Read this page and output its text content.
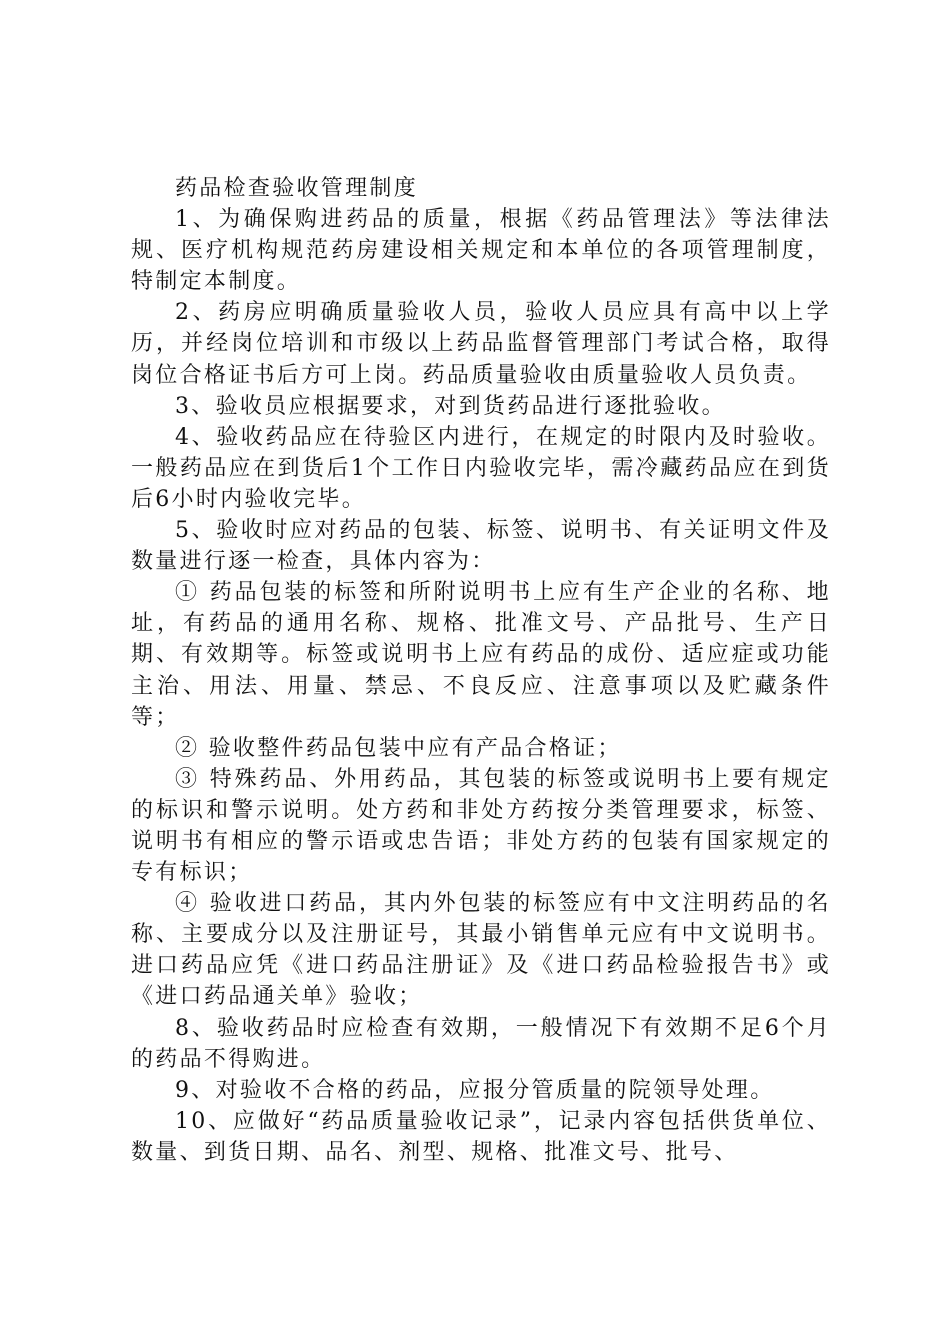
药品检查验收管理制度

1、为确保购进药品的质量，根据《药品管理法》等法律法规、医疗机构规范药房建设相关规定和本单位的各项管理制度，特制定本制度。

2、药房应明确质量验收人员，验收人员应具有高中以上学历，并经岗位培训和市级以上药品监督管理部门考试合格，取得岗位合格证书后方可上岗。药品质量验收由质量验收人员负责。

3、验收员应根据要求，对到货药品进行逐批验收。

4、验收药品应在待验区内进行，在规定的时限内及时验收。一般药品应在到货后1个工作日内验收完毕，需冷藏药品应在到货后6小时内验收完毕。

5、验收时应对药品的包装、标签、说明书、有关证明文件及数量进行逐一检查，具体内容为：

① 药品包装的标签和所附说明书上应有生产企业的名称、地址，有药品的通用名称、规格、批准文号、产品批号、生产日期、有效期等。标签或说明书上应有药品的成份、适应症或功能主治、用法、用量、禁忌、不良反应、注意事项以及贮藏条件等；

② 验收整件药品包装中应有产品合格证；

③ 特殊药品、外用药品，其包装的标签或说明书上要有规定的标识和警示说明。处方药和非处方药按分类管理要求，标签、说明书有相应的警示语或忠告语；非处方药的包装有国家规定的专有标识；

④ 验收进口药品，其内外包装的标签应有中文注明药品的名称、主要成分以及注册证号，其最小销售单元应有中文说明书。进口药品应凭《进口药品注册证》及《进口药品检验报告书》或《进口药品通关单》验收；

8、验收药品时应检查有效期，一般情况下有效期不足6个月的药品不得购进。

9、对验收不合格的药品，应报分管质量的院领导处理。

10、应做好“药品质量验收记录”，记录内容包括供货单位、数量、到货日期、品名、剂型、规格、批准文号、批号、
